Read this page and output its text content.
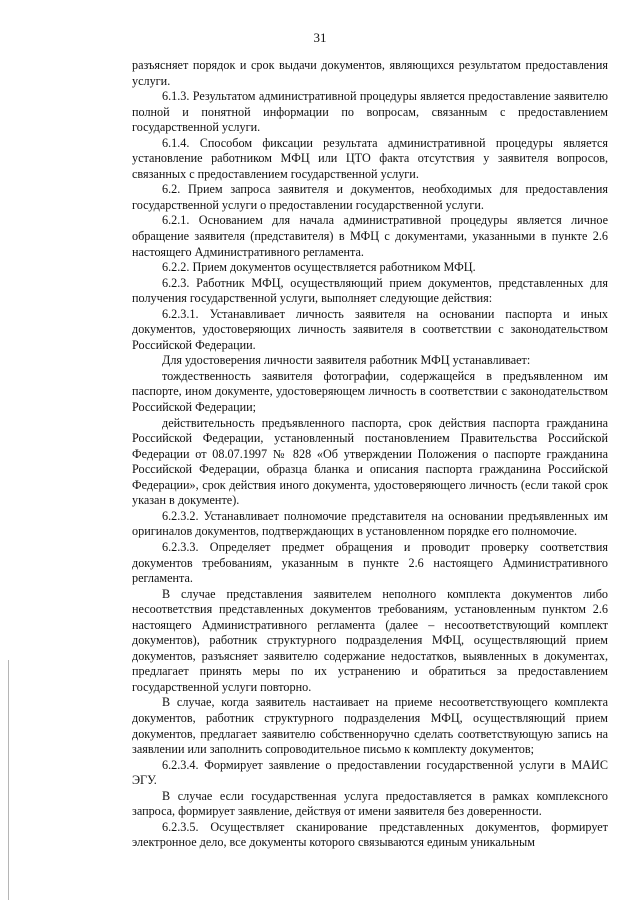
31

разъясняет порядок и срок выдачи документов, являющихся результатом предоставления услуги.

6.1.3. Результатом административной процедуры является предоставление заявителю полной и понятной информации по вопросам, связанным с предоставлением государственной услуги.

6.1.4. Способом фиксации результата административной процедуры является установление работником МФЦ или ЦТО факта отсутствия у заявителя вопросов, связанных с предоставлением государственной услуги.

6.2. Прием запроса заявителя и документов, необходимых для предоставления государственной услуги о предоставлении государственной услуги.

6.2.1. Основанием для начала административной процедуры является личное обращение заявителя (представителя) в МФЦ с документами, указанными в пункте 2.6 настоящего Административного регламента.

6.2.2. Прием документов осуществляется работником МФЦ.

6.2.3. Работник МФЦ, осуществляющий прием документов, представленных для получения государственной услуги, выполняет следующие действия:

6.2.3.1. Устанавливает личность заявителя на основании паспорта и иных документов, удостоверяющих личность заявителя в соответствии с законодательством Российской Федерации.

Для удостоверения личности заявителя работник МФЦ устанавливает:

тождественность заявителя фотографии, содержащейся в предъявленном им паспорте, ином документе, удостоверяющем личность в соответствии с законодательством Российской Федерации;

действительность предъявленного паспорта, срок действия паспорта гражданина Российской Федерации, установленный постановлением Правительства Российской Федерации от 08.07.1997 № 828 «Об утверждении Положения о паспорте гражданина Российской Федерации, образца бланка и описания паспорта гражданина Российской Федерации», срок действия иного документа, удостоверяющего личность (если такой срок указан в документе).

6.2.3.2. Устанавливает полномочие представителя на основании предъявленных им оригиналов документов, подтверждающих в установленном порядке его полномочие.

6.2.3.3. Определяет предмет обращения и проводит проверку соответствия документов требованиям, указанным в пункте 2.6 настоящего Административного регламента.

В случае представления заявителем неполного комплекта документов либо несоответствия представленных документов требованиям, установленным пунктом 2.6 настоящего Административного регламента (далее – несоответствующий комплект документов), работник структурного подразделения МФЦ, осуществляющий прием документов, разъясняет заявителю содержание недостатков, выявленных в документах, предлагает принять меры по их устранению и обратиться за предоставлением государственной услуги повторно.

В случае, когда заявитель настаивает на приеме несоответствующего комплекта документов, работник структурного подразделения МФЦ, осуществляющий прием документов, предлагает заявителю собственноручно сделать соответствующую запись на заявлении или заполнить сопроводительное письмо к комплекту документов;

6.2.3.4. Формирует заявление о предоставлении государственной услуги в МАИС ЭГУ.

В случае если государственная услуга предоставляется в рамках комплексного запроса, формирует заявление, действуя от имени заявителя без доверенности.

6.2.3.5. Осуществляет сканирование представленных документов, формирует электронное дело, все документы которого связываются единым уникальным
